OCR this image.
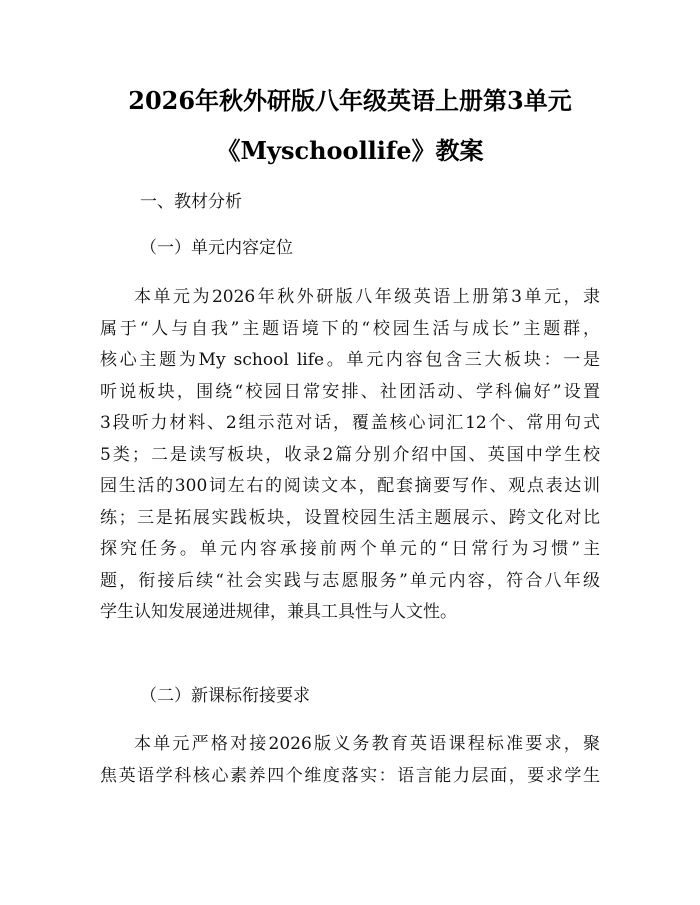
2026年秋外研版八年级英语上册第3单元
《Myschoollife》教案
一、教材分析
（一）单元内容定位
本单元为2026年秋外研版八年级英语上册第3单元，隶
属于“人与自我”主题语境下的“校园生活与成长”主题群，
核心主题为My school life。单元内容包含三大板块：一是
听说板块，围绕“校园日常安排、社团活动、学科偏好”设置
3段听力材料、2组示范对话，覆盖核心词汇12个、常用句式
5类；二是读写板块，收录2篇分别介绍中国、英国中学生校
园生活的300词左右的阅读文本，配套摘要写作、观点表达训
练；三是拓展实践板块，设置校园生活主题展示、跨文化对比
探究任务。单元内容承接前两个单元的“日常行为习惯”主
题，衔接后续“社会实践与志愿服务”单元内容，符合八年级
学生认知发展递进规律，兼具工具性与人文性。
（二）新课标衔接要求
本单元严格对接2026版义务教育英语课程标准要求，聚
焦英语学科核心素养四个维度落实：语言能力层面，要求学生
